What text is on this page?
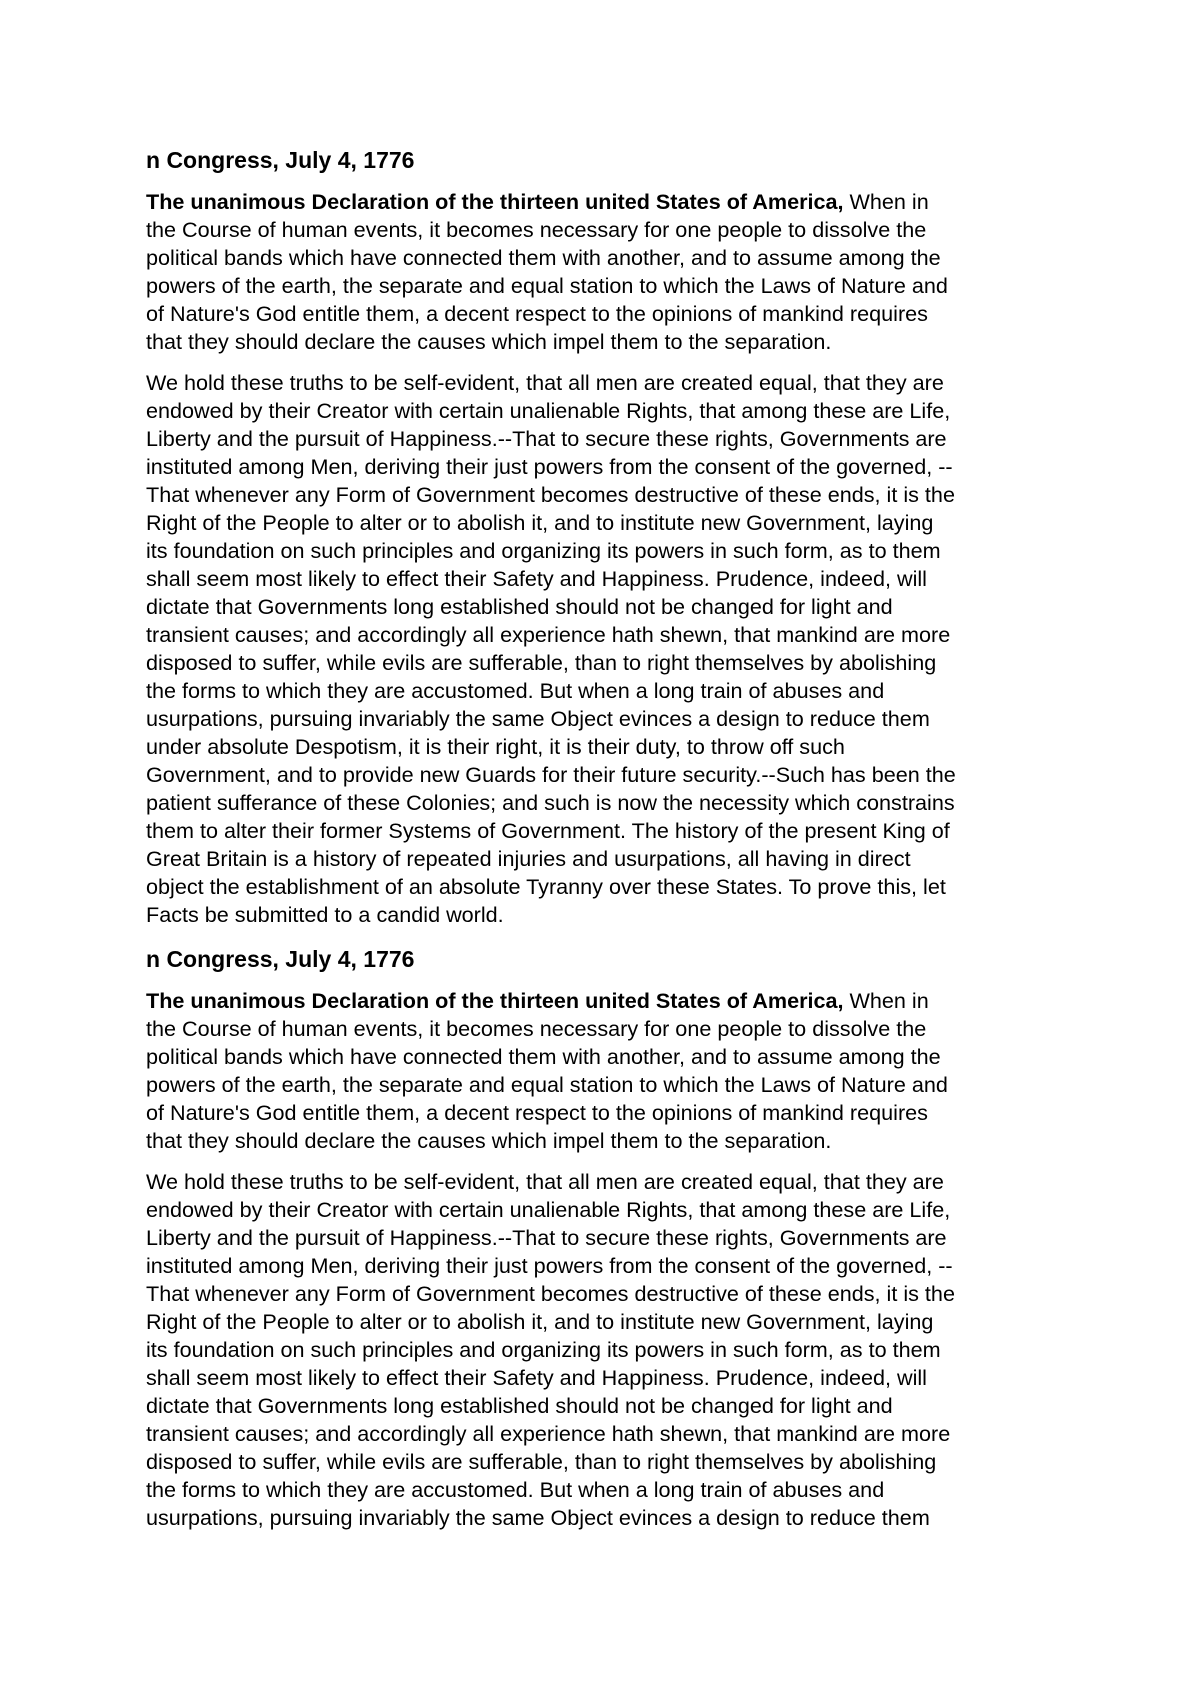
n Congress, July 4, 1776
The unanimous Declaration of the thirteen united States of America, When in
the Course of human events, it becomes necessary for one people to dissolve the
political bands which have connected them with another, and to assume among the
powers of the earth, the separate and equal station to which the Laws of Nature and
of Nature's God entitle them, a decent respect to the opinions of mankind requires
that they should declare the causes which impel them to the separation.
We hold these truths to be self-evident, that all men are created equal, that they are
endowed by their Creator with certain unalienable Rights, that among these are Life,
Liberty and the pursuit of Happiness.--That to secure these rights, Governments are
instituted among Men, deriving their just powers from the consent of the governed, --
That whenever any Form of Government becomes destructive of these ends, it is the
Right of the People to alter or to abolish it, and to institute new Government, laying
its foundation on such principles and organizing its powers in such form, as to them
shall seem most likely to effect their Safety and Happiness. Prudence, indeed, will
dictate that Governments long established should not be changed for light and
transient causes; and accordingly all experience hath shewn, that mankind are more
disposed to suffer, while evils are sufferable, than to right themselves by abolishing
the forms to which they are accustomed. But when a long train of abuses and
usurpations, pursuing invariably the same Object evinces a design to reduce them
under absolute Despotism, it is their right, it is their duty, to throw off such
Government, and to provide new Guards for their future security.--Such has been the
patient sufferance of these Colonies; and such is now the necessity which constrains
them to alter their former Systems of Government. The history of the present King of
Great Britain is a history of repeated injuries and usurpations, all having in direct
object the establishment of an absolute Tyranny over these States. To prove this, let
Facts be submitted to a candid world.
n Congress, July 4, 1776
The unanimous Declaration of the thirteen united States of America, When in
the Course of human events, it becomes necessary for one people to dissolve the
political bands which have connected them with another, and to assume among the
powers of the earth, the separate and equal station to which the Laws of Nature and
of Nature's God entitle them, a decent respect to the opinions of mankind requires
that they should declare the causes which impel them to the separation.
We hold these truths to be self-evident, that all men are created equal, that they are
endowed by their Creator with certain unalienable Rights, that among these are Life,
Liberty and the pursuit of Happiness.--That to secure these rights, Governments are
instituted among Men, deriving their just powers from the consent of the governed, --
That whenever any Form of Government becomes destructive of these ends, it is the
Right of the People to alter or to abolish it, and to institute new Government, laying
its foundation on such principles and organizing its powers in such form, as to them
shall seem most likely to effect their Safety and Happiness. Prudence, indeed, will
dictate that Governments long established should not be changed for light and
transient causes; and accordingly all experience hath shewn, that mankind are more
disposed to suffer, while evils are sufferable, than to right themselves by abolishing
the forms to which they are accustomed. But when a long train of abuses and
usurpations, pursuing invariably the same Object evinces a design to reduce them
